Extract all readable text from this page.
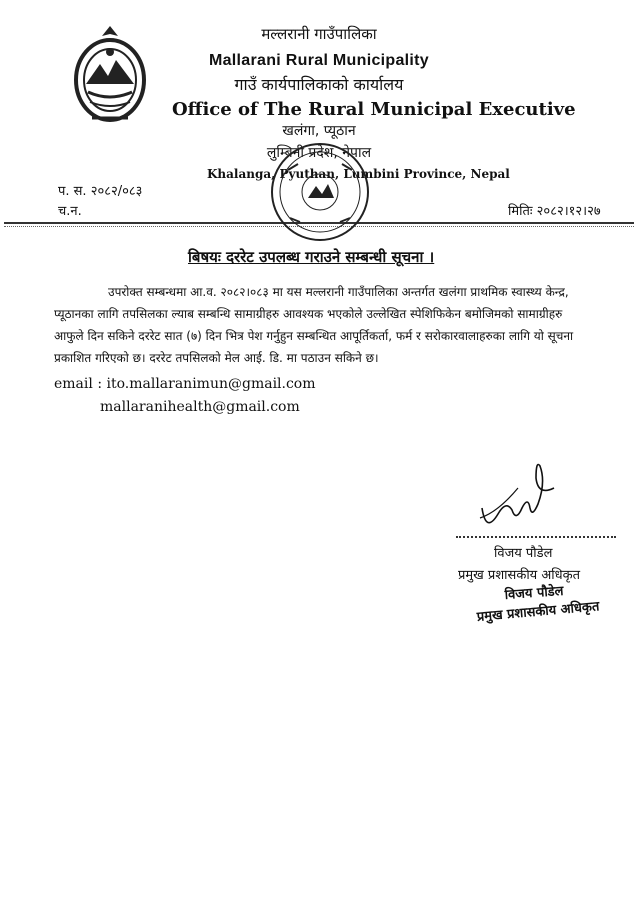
मल्लरानी गाउँपालिका
Mallarani Rural Municipality
गाउँ कार्यपालिकाको कार्यालय
Office of The Rural Municipal Executive
खलंगा, प्यूठान
लुम्बिनी प्रदेश, नेपाल
Khalanga, Pyuthan, Lumbini Province, Nepal
प. स. २०८२/०८३
च.न.	मितिः २०८२।१२।२७
बिषयः दररेट उपलब्ध गराउने सम्बन्धी सूचना ।
उपरोक्त सम्बन्धमा आ.व. २०८२।०८३ मा यस मल्लरानी गाउँपालिका अन्तर्गत खलंगा प्राथमिक स्वास्थ्य केन्द्र,
प्यूठानका लागि तपसिलका ल्याब सम्बन्धि सामाग्रीहरु आवश्यक भएकोले उल्लेखित स्पेशिफिकेन बमोजिमको सामाग्रीहरु
आफुले दिन सकिने दररेट सात (७) दिन भित्र पेश गर्नुहुन सम्बन्धित आपूर्तिकर्ता, फर्म र सरोकारवालाहरुका लागि यो सूचना
प्रकाशित गरिएको छ। दररेट तपसिलको मेल आई. डि. मा पठाउन सकिने छ।
email : ito.mallaranimun@gmail.com
mallaranihealth@gmail.com
विजय पौडेल
प्रमुख प्रशासकीय अधिकृत
विजय पौडेल
प्रमुख प्रशासकीय अधिकृत
